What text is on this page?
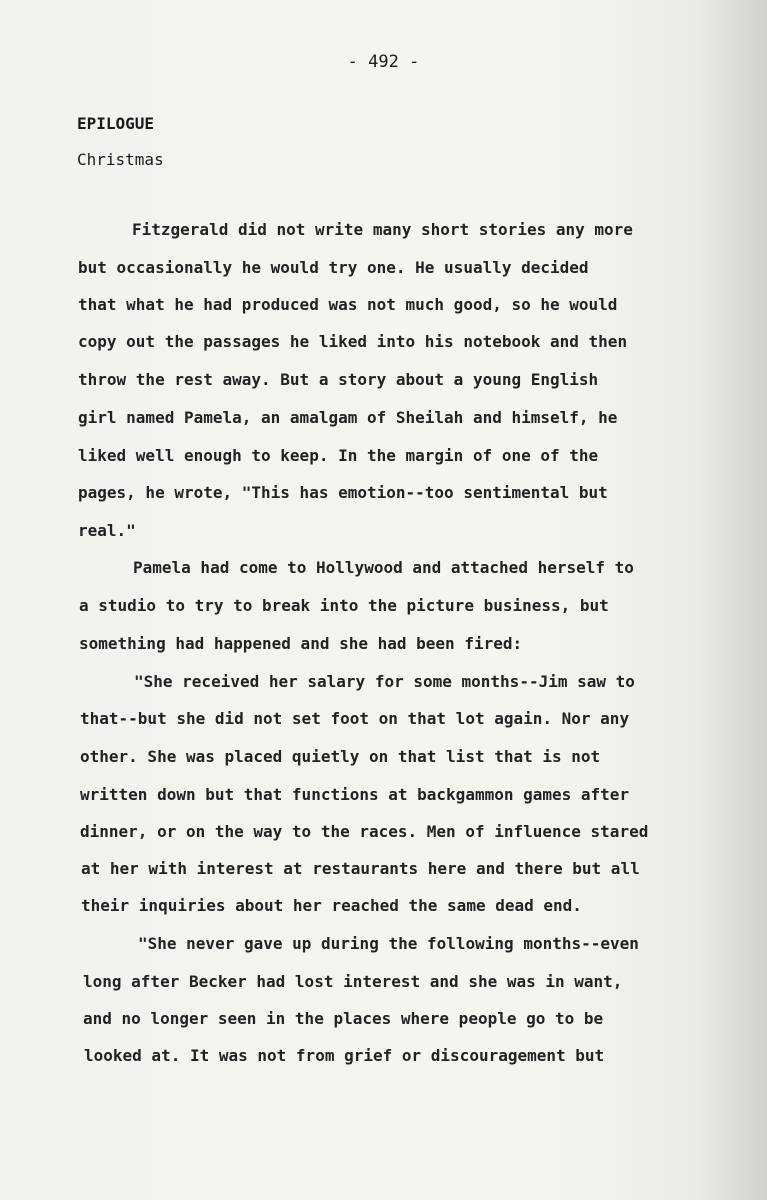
- 492 -
EPILOGUE
Christmas
Fitzgerald did not write many short stories any more
but occasionally he would try one. He usually decided
that what he had produced was not much good, so he would
copy out the passages he liked into his notebook and then
throw the rest away. But a story about a young English
girl named Pamela, an amalgam of Sheilah and himself, he
liked well enough to keep. In the margin of one of the
pages, he wrote, "This has emotion--too sentimental but
real."
Pamela had come to Hollywood and attached herself to
a studio to try to break into the picture business, but
something had happened and she had been fired:
"She received her salary for some months--Jim saw to
that--but she did not set foot on that lot again. Nor any
other. She was placed quietly on that list that is not
written down but that functions at backgammon games after
dinner, or on the way to the races. Men of influence stared
at her with interest at restaurants here and there but all
their inquiries about her reached the same dead end.
"She never gave up during the following months--even
long after Becker had lost interest and she was in want,
and no longer seen in the places where people go to be
looked at. It was not from grief or discouragement but
